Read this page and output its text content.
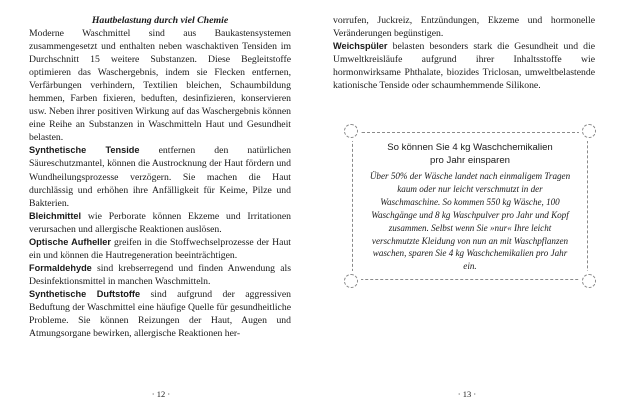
Hautbelastung durch viel Chemie

Moderne Waschmittel sind aus Baukastensystemen zusammengesetzt und enthalten neben waschaktiven Tensiden im Durchschnitt 15 weitere Substanzen. Diese Begleitstoffe optimieren das Waschergebnis, indem sie Flecken entfernen, Verfärbungen verhindern, Textilien bleichen, Schaumbildung hemmen, Farben fixieren, beduften, desinfizieren, konservieren usw. Neben ihrer positiven Wirkung auf das Waschergebnis können eine Reihe an Substanzen in Waschmitteln Haut und Gesundheit belasten.

Synthetische Tenside entfernen den natürlichen Säureschutzmantel, können die Austrocknung der Haut fördern und Wundheilungsprozesse verzögern. Sie machen die Haut durchlässig und erhöhen ihre Anfälligkeit für Keime, Pilze und Bakterien.

Bleichmittel wie Perborate können Ekzeme und Irritationen verursachen und allergische Reaktionen auslösen.

Optische Aufheller greifen in die Stoffwechselprozesse der Haut ein und können die Hautregeneration beeinträchtigen.

Formaldehyde sind krebserregend und finden Anwendung als Desinfektionsmittel in manchen Waschmitteln.

Synthetische Duftstoffe sind aufgrund der aggressiven Beduftung der Waschmittel eine häufige Quelle für gesundheitliche Probleme. Sie können Reizungen der Haut, Augen und Atmungsorgane bewirken, allergische Reaktionen her-

· 12 ·

vorrufen, Juckreiz, Entzündungen, Ekzeme und hormonelle Veränderungen begünstigen.

Weichspüler belasten besonders stark die Gesundheit und die Umweltkreisläufe aufgrund ihrer Inhaltsstoffe wie hormonwirksame Phthalate, biozides Triclosan, umweltbelastende kationische Tenside oder schaumhemmende Silikone.

So können Sie 4 kg Waschchemikalien
pro Jahr einsparen

Über 50% der Wäsche landet nach einmaligem Tragen kaum oder nur leicht verschmutzt in der Waschmaschine. So kommen 550 kg Wäsche, 100 Waschgänge und 8 kg Waschpulver pro Jahr und Kopf zusammen. Selbst wenn Sie »nur« Ihre leicht verschmutzte Kleidung von nun an mit Waschpflanzen waschen, sparen Sie 4 kg Waschchemikalien pro Jahr ein.

· 13 ·
